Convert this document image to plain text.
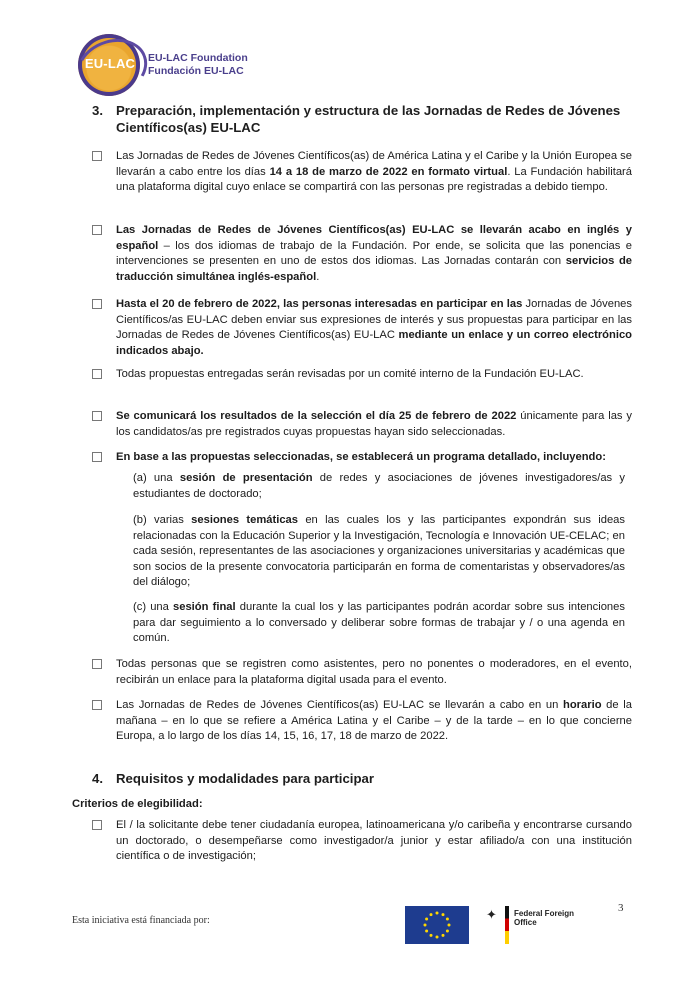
EU-LAC EU-LAC Foundation
Fundación EU-LAC
3. Preparación, implementación y estructura de las Jornadas de Redes de Jóvenes Científicos(as) EU-LAC
Las Jornadas de Redes de Jóvenes Científicos(as) de América Latina y el Caribe y la Unión Europea se llevarán a cabo entre los días 14 a 18 de marzo de 2022 en formato virtual. La Fundación habilitará una plataforma digital cuyo enlace se compartirá con las personas pre registradas a debido tiempo.
Las Jornadas de Redes de Jóvenes Científicos(as) EU-LAC se llevarán acabo en inglés y español – los dos idiomas de trabajo de la Fundación. Por ende, se solicita que las ponencias e intervenciones se presenten en uno de estos dos idiomas. Las Jornadas contarán con servicios de traducción simultánea inglés-español.
Hasta el 20 de febrero de 2022, las personas interesadas en participar en las Jornadas de Jóvenes Científicos/as EU-LAC deben enviar sus expresiones de interés y sus propuestas para participar en las Jornadas de Redes de Jóvenes Científicos(as) EU-LAC mediante un enlace y un correo electrónico indicados abajo.
Todas propuestas entregadas serán revisadas por un comité interno de la Fundación EU-LAC.
Se comunicará los resultados de la selección el día 25 de febrero de 2022 únicamente para las y los candidatos/as pre registrados cuyas propuestas hayan sido seleccionadas.
En base a las propuestas seleccionadas, se establecerá un programa detallado, incluyendo:
(a) una sesión de presentación de redes y asociaciones de jóvenes investigadores/as y estudiantes de doctorado;
(b) varias sesiones temáticas en las cuales los y las participantes expondrán sus ideas relacionadas con la Educación Superior y la Investigación, Tecnología e Innovación UE-CELAC; en cada sesión, representantes de las asociaciones y organizaciones universitarias y académicas que son socios de la presente convocatoria participarán en forma de comentaristas y observadores/as del diálogo;
(c) una sesión final durante la cual los y las participantes podrán acordar sobre sus intenciones para dar seguimiento a lo conversado y deliberar sobre formas de trabajar y / o una agenda en común.
Todas personas que se registren como asistentes, pero no ponentes o moderadores, en el evento, recibirán un enlace para la plataforma digital usada para el evento.
Las Jornadas de Redes de Jóvenes Científicos(as) EU-LAC se llevarán a cabo en un horario de la mañana – en lo que se refiere a América Latina y el Caribe – y de la tarde – en lo que concierne Europa, a lo largo de los días 14, 15, 16, 17, 18 de marzo de 2022.
4. Requisitos y modalidades para participar
Criterios de elegibilidad:
El / la solicitante debe tener ciudadanía europea, latinoamericana y/o caribeña y encontrarse cursando un doctorado, o desempeñarse como investigador/a junior y estar afiliado/a con una institución científica o de investigación;
3
Esta iniciativa está financiada por:	✦ Federal Foreign Office
